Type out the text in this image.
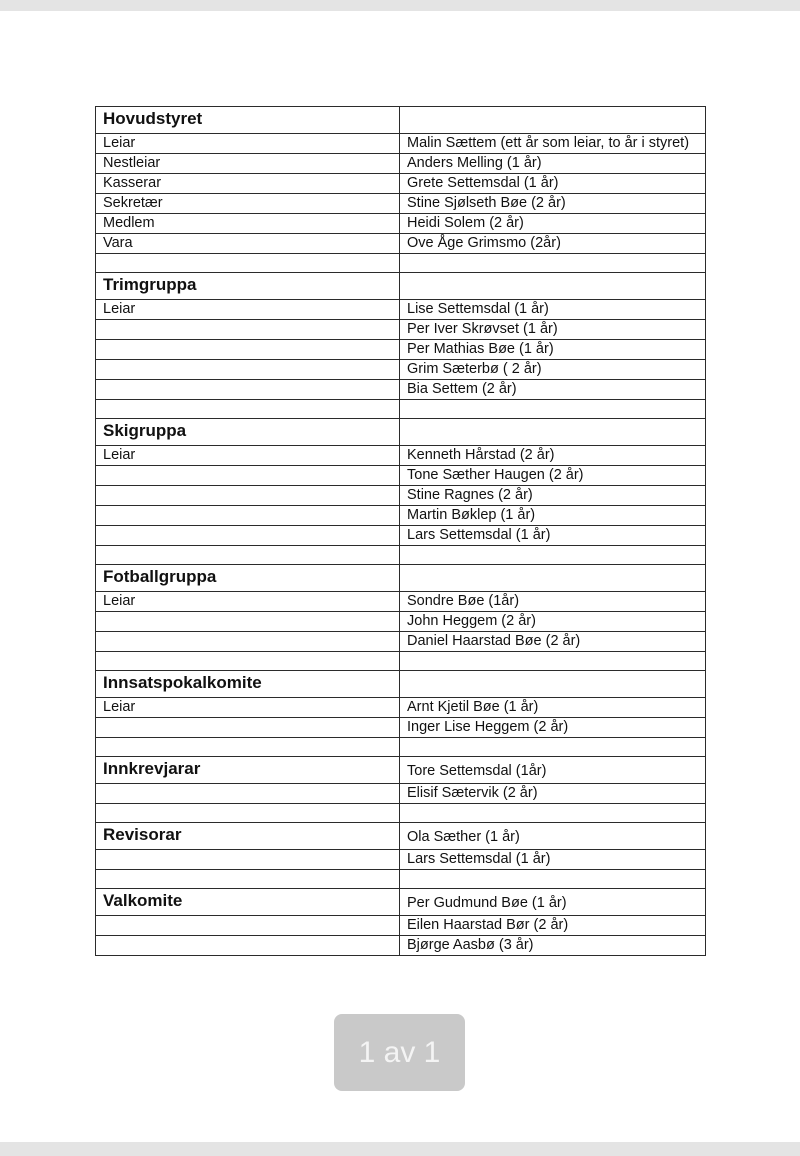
Hovudstyret	
Leiar	Malin Sættem (ett år som leiar, to år i styret)
Nestleiar	Anders Melling (1 år)
Kasserar	Grete Settemsdal (1 år)
Sekretær	Stine Sjølseth Bøe (2 år)
Medlem	Heidi Solem (2 år)
Vara	Ove Åge Grimsmo (2år)

Trimgruppa	
Leiar	Lise Settemsdal (1 år)
	Per Iver Skrøvset (1 år)
	Per Mathias Bøe (1 år)
	Grim Sæterbø ( 2 år)
	Bia Settem (2 år)

Skigruppa	
Leiar	Kenneth Hårstad (2 år)
	Tone Sæther Haugen (2 år)
	Stine Ragnes (2 år)
	Martin Bøklep (1 år)
	Lars Settemsdal (1 år)

Fotballgruppa	
Leiar	Sondre Bøe (1år)
	John Heggem (2 år)
	Daniel Haarstad Bøe (2 år)

Innsatspokalkomite	
Leiar	Arnt Kjetil Bøe (1 år)
	Inger Lise Heggem (2 år)

Innkrevjarar	Tore Settemsdal (1år)
	Elisif Sætervik (2 år)

Revisorar	Ola Sæther (1 år)
	Lars Settemsdal (1 år)

Valkomite	Per Gudmund Bøe (1 år)
	Eilen Haarstad Bør (2 år)
	Bjørge Aasbø (3 år)
1 av 1
